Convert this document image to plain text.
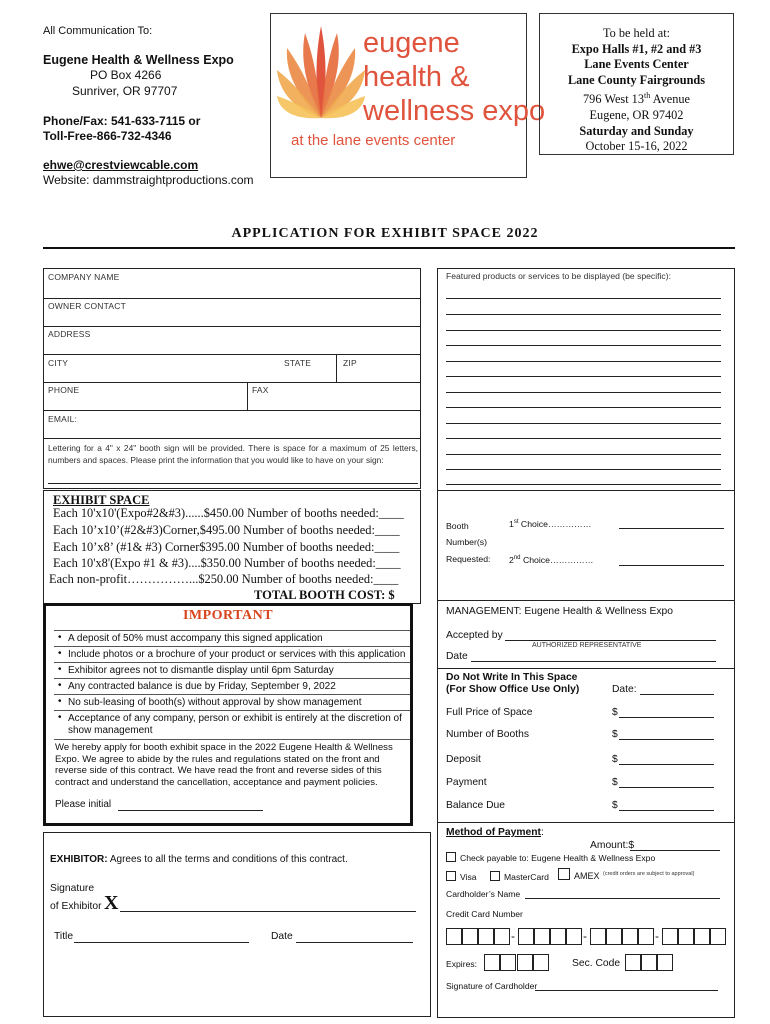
All Communication To:
Eugene Health & Wellness Expo
PO Box 4266
Sunriver, OR 97707
Phone/Fax: 541-633-7115 or
Toll-Free-866-732-4346
ehwe@crestviewcable.com
Website: dammstraightproductions.com
eugene
health &
wellness expo
at the lane events center
To be held at:
Expo Halls #1, #2 and #3
Lane Events Center
Lane County Fairgrounds
796 West 13th Avenue
Eugene, OR 97402
Saturday and Sunday
October 15-16, 2022
APPLICATION FOR EXHIBIT SPACE 2022
COMPANY NAME
OWNER CONTACT
ADDRESS
CITY	STATE	ZIP
PHONE	FAX
EMAIL:
Lettering for a 4" x 24" booth sign will be provided. There is space for a maximum of 25 letters, numbers and spaces. Please print the information that you would like to have on your sign:
EXHIBIT SPACE
Each 10'x10'(Expo#2&#3)......$450.00 Number of booths needed:____
Each 10’x10’(#2&#3)Corner,$495.00 Number of booths needed:____
Each 10’x8’ (#1& #3) Corner$395.00 Number of booths needed:____
Each 10'x8'(Expo #1 & #3)....$350.00 Number of booths needed:____
Each non-profit……………...$250.00 Number of booths needed:____
TOTAL BOOTH COST: $
IMPORTANT
• A deposit of 50% must accompany this signed application
• Include photos or a brochure of your product or services with this application
• Exhibitor agrees not to dismantle display until 6pm Saturday
• Any contracted balance is due by Friday, September 9, 2022
• No sub-leasing of booth(s) without approval by show management
• Acceptance of any company, person or exhibit is entirely at the discretion of show management
We hereby apply for booth exhibit space in the 2022 Eugene Health & Wellness Expo. We agree to abide by the rules and regulations stated on the front and reverse side of this contract. We have read the front and reverse sides of this contract and understand the cancellation, acceptance and payment policies.
Please initial
EXHIBITOR: Agrees to all the terms and conditions of this contract.
Signature
of Exhibitor X
Title	Date
Featured products or services to be displayed (be specific):
Booth
Number(s)
Requested:
1st Choice……………
2nd Choice……………
MANAGEMENT: Eugene Health & Wellness Expo
Accepted by
AUTHORIZED REPRESENTATIVE
Date
Do Not Write In This Space
(For Show Office Use Only)	Date:
Full Price of Space	$
Number of Booths	$
Deposit	$
Payment	$
Balance Due	$
Method of Payment:
Amount:$
Check payable to: Eugene Health & Wellness Expo
Visa	MasterCard	AMEX (credit orders are subject to approval)
Cardholder’s Name
Credit Card Number
-	-	-
Expires:	Sec. Code
Signature of Cardholder
